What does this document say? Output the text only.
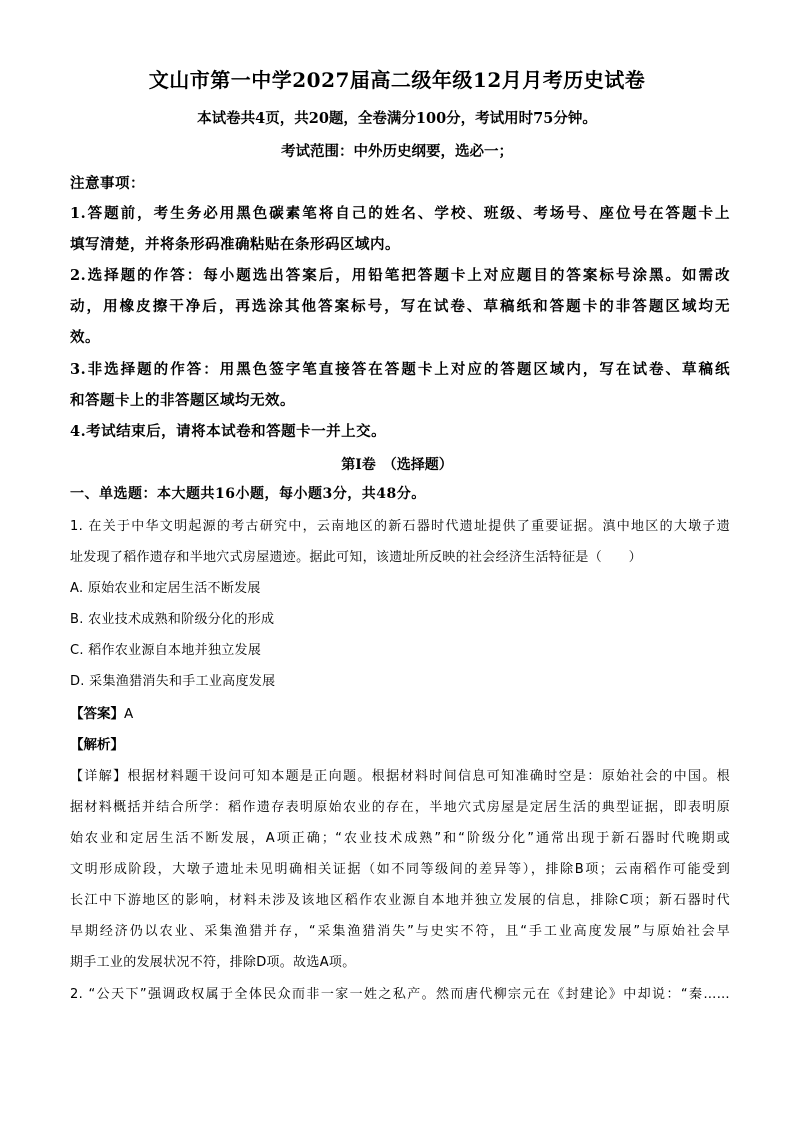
文山市第一中学2027届高二级年级12月月考历史试卷
本试卷共4页，共20题，全卷满分100分，考试用时75分钟。
考试范围：中外历史纲要，选必一；
注意事项：
1.答题前，考生务必用黑色碳素笔将自己的姓名、学校、班级、考场号、座位号在答题卡上
填写清楚，并将条形码准确粘贴在条形码区域内。
2.选择题的作答：每小题选出答案后，用铅笔把答题卡上对应题目的答案标号涂黑。如需改
动，用橡皮擦干净后，再选涂其他答案标号，写在试卷、草稿纸和答题卡的非答题区域均无
效。
3.非选择题的作答：用黑色签字笔直接答在答题卡上对应的答题区域内，写在试卷、草稿纸
和答题卡上的非答题区域均无效。
4.考试结束后，请将本试卷和答题卡一并上交。
第Ⅰ卷　（选择题）
一、单选题：本大题共16小题，每小题3分，共48分。
1. 在关于中华文明起源的考古研究中，云南地区的新石器时代遗址提供了重要证据。滇中地区的大墩子遗
址发现了稻作遗存和半地穴式房屋遗迹。据此可知，该遗址所反映的社会经济生活特征是（　　）
A. 原始农业和定居生活不断发展
B. 农业技术成熟和阶级分化的形成
C. 稻作农业源自本地并独立发展
D. 采集渔猎消失和手工业高度发展
【答案】A
【解析】
【详解】根据材料题干设问可知本题是正向题。根据材料时间信息可知准确时空是：原始社会的中国。根
据材料概括并结合所学：稻作遗存表明原始农业的存在，半地穴式房屋是定居生活的典型证据，即表明原
始农业和定居生活不断发展，A项正确；“农业技术成熟”和“阶级分化”通常出现于新石器时代晚期或
文明形成阶段，大墩子遗址未见明确相关证据（如不同等级间的差异等），排除B项；云南稻作可能受到
长江中下游地区的影响，材料未涉及该地区稻作农业源自本地并独立发展的信息，排除C项；新石器时代
早期经济仍以农业、采集渔猎并存，“采集渔猎消失”与史实不符，且“手工业高度发展”与原始社会早
期手工业的发展状况不符，排除D项。故选A项。
2. “公天下”强调政权属于全体民众而非一家一姓之私产。然而唐代柳宗元在《封建论》中却说：“秦……
